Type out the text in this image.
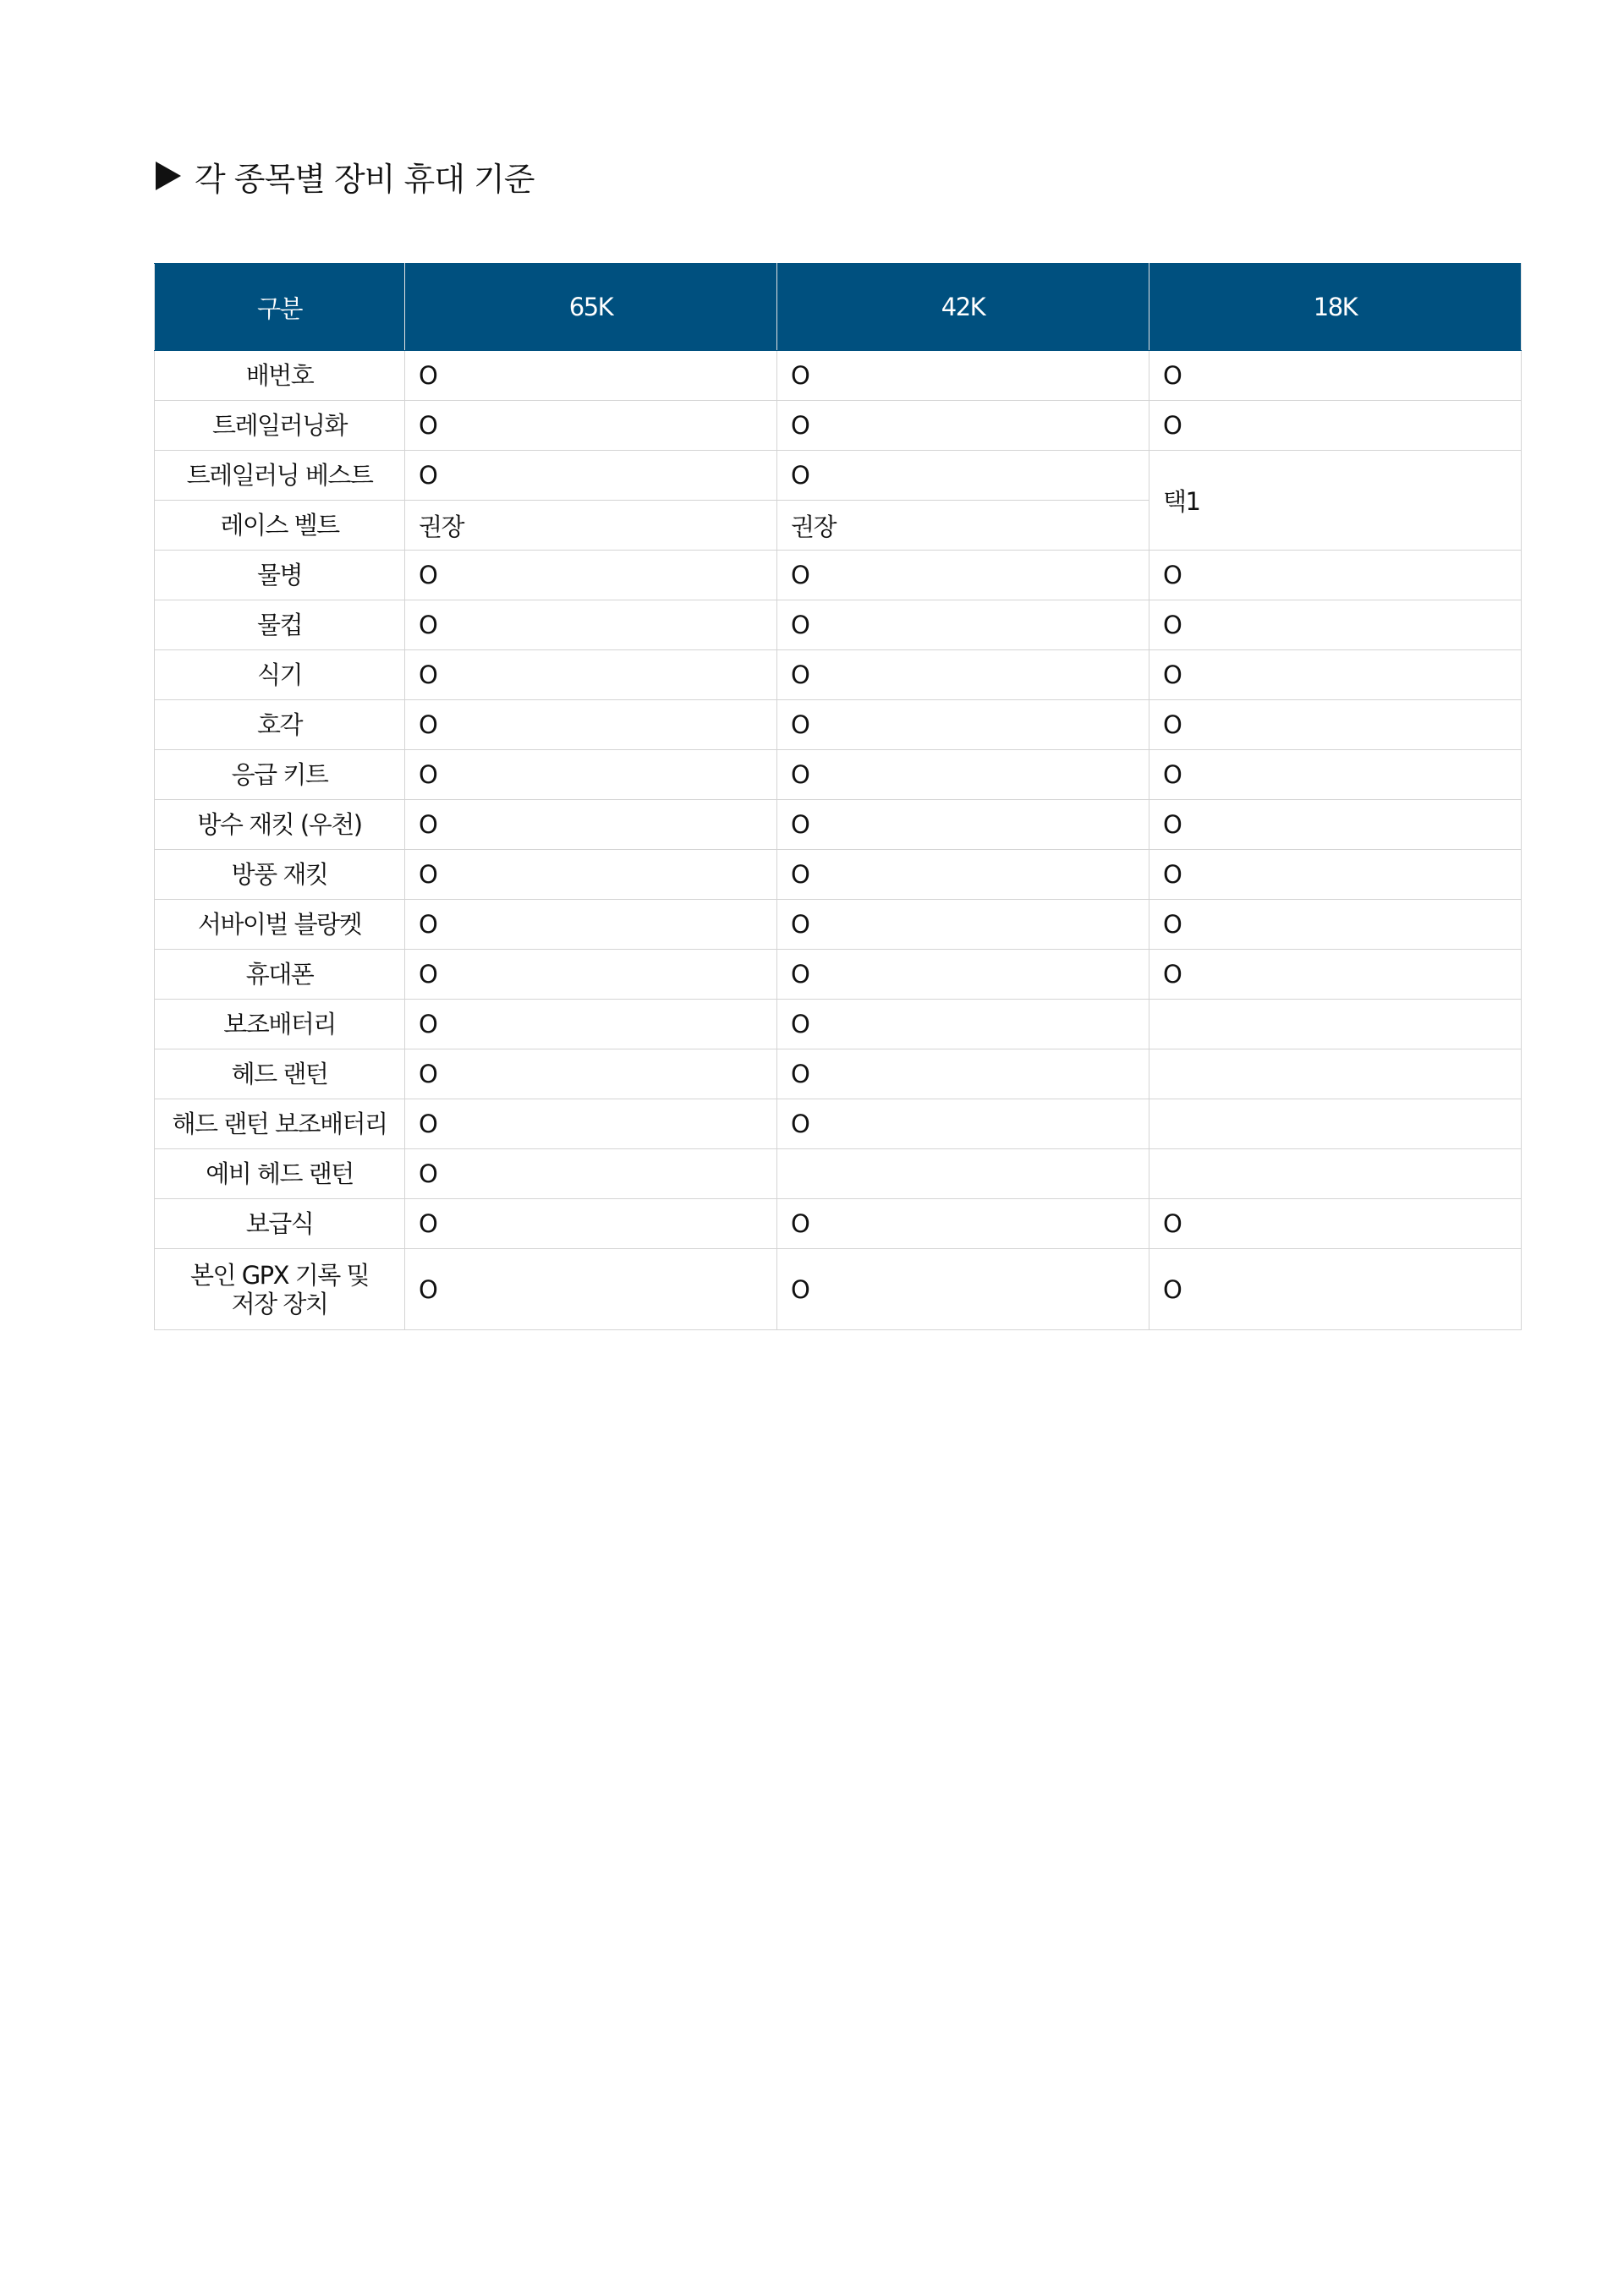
각 종목별 장비 휴대 기준
구분	65K	42K	18K
배번호	O	O	O
트레일러닝화	O	O	O
트레일러닝 베스트	O	O	택1
레이스 벨트	권장	권장	
물병	O	O	O
물컵	O	O	O
식기	O	O	O
호각	O	O	O
응급 키트	O	O	O
방수 재킷 (우천)	O	O	O
방풍 재킷	O	O	O
서바이벌 블랑켓	O	O	O
휴대폰	O	O	O
보조배터리	O	O	
헤드 랜턴	O	O	
해드 랜턴 보조배터리	O	O	
예비 헤드 랜턴	O		
보급식	O	O	O
본인 GPX 기록 및
저장 장치	O	O	O
